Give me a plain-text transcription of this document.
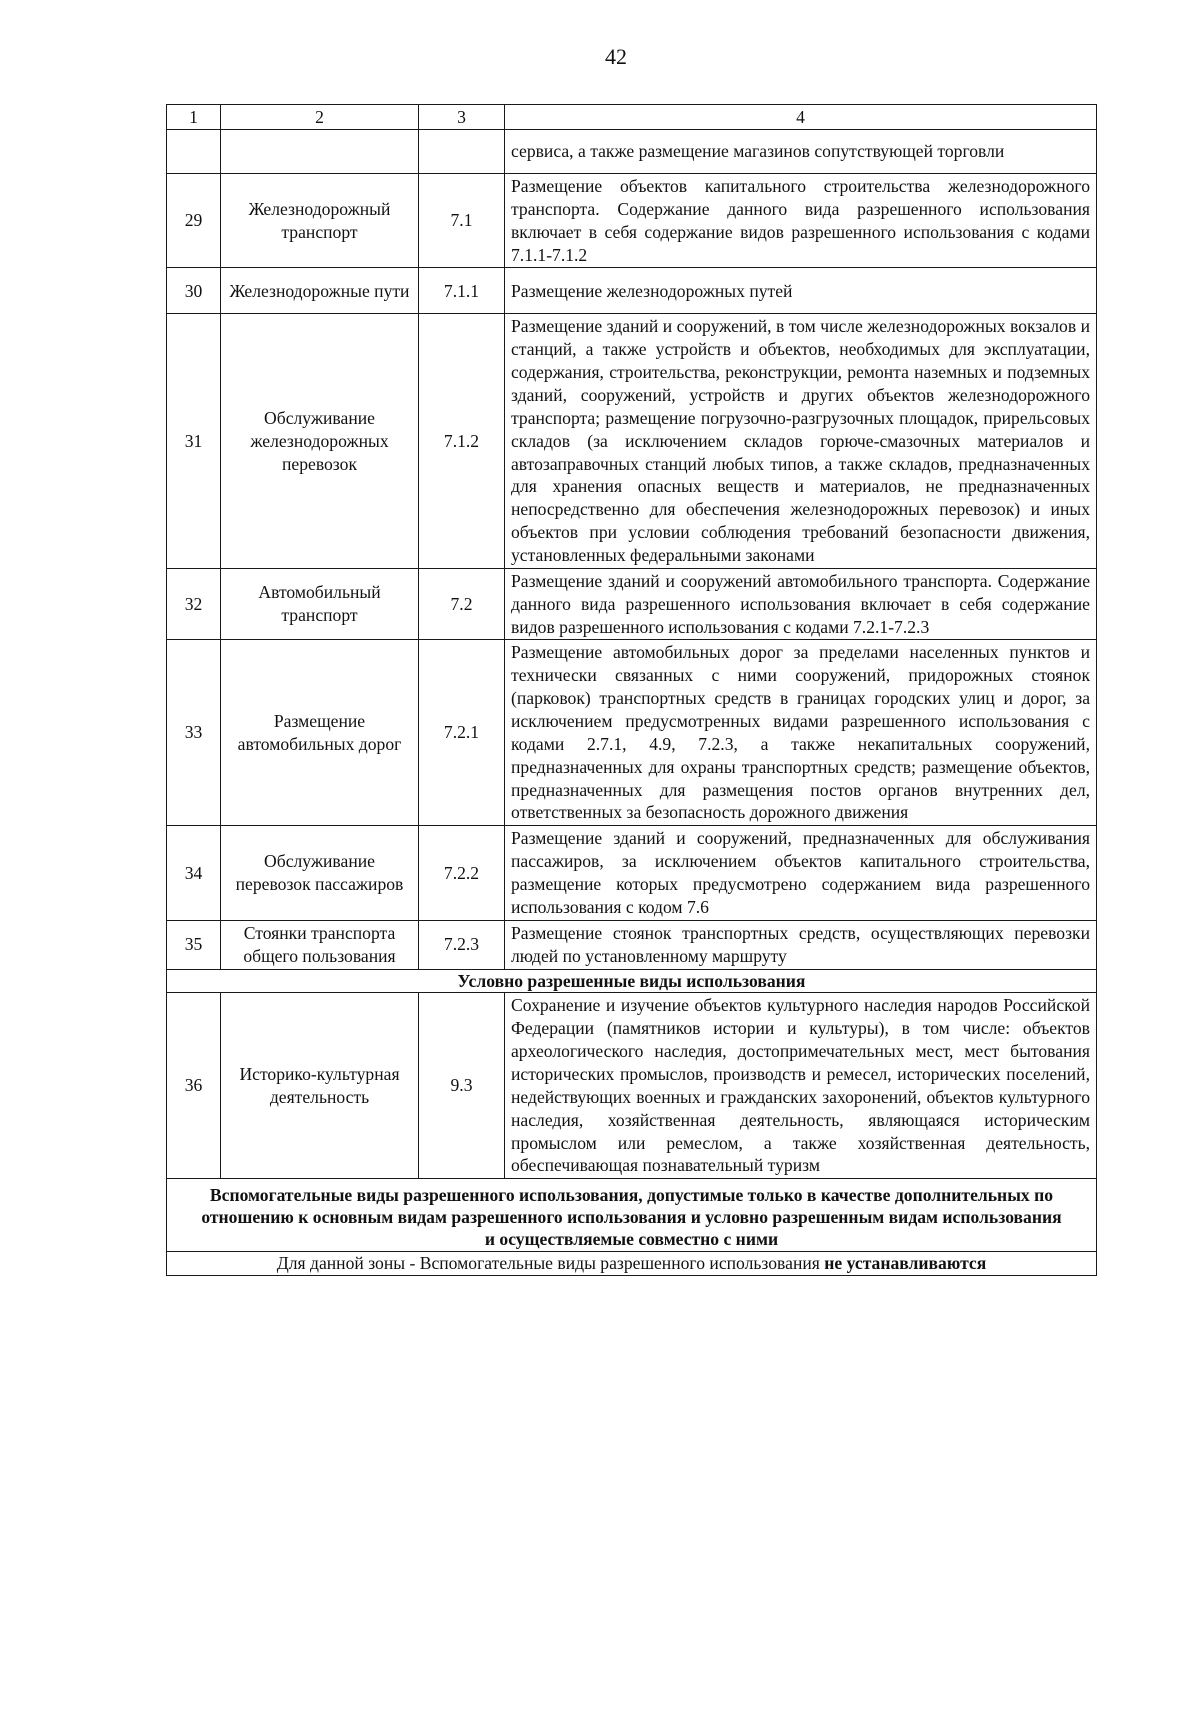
42
1	2	3	4
			сервиса, а также размещение магазинов сопутствующей торговли
29	Железнодорожный транспорт	7.1	Размещение объектов капитального строительства железнодорожного транспорта. Содержание данного вида разрешенного использования включает в себя содержание видов разрешенного использования с кодами 7.1.1-7.1.2
30	Железнодорожные пути	7.1.1	Размещение железнодорожных путей
31	Обслуживание железнодорожных перевозок	7.1.2	Размещение зданий и сооружений, в том числе железнодорожных вокзалов и станций, а также устройств и объектов, необходимых для эксплуатации, содержания, строительства, реконструкции, ремонта наземных и подземных зданий, сооружений, устройств и других объектов железнодорожного транспорта; размещение погрузочно-разгрузочных площадок, прирельсовых складов (за исключением складов горюче-смазочных материалов и автозаправочных станций любых типов, а также складов, предназначенных для хранения опасных веществ и материалов, не предназначенных непосредственно для обеспечения железнодорожных перевозок) и иных объектов при условии соблюдения требований безопасности движения, установленных федеральными законами
32	Автомобильный транспорт	7.2	Размещение зданий и сооружений автомобильного транспорта. Содержание данного вида разрешенного использования включает в себя содержание видов разрешенного использования с кодами 7.2.1-7.2.3
33	Размещение автомобильных дорог	7.2.1	Размещение автомобильных дорог за пределами населенных пунктов и технически связанных с ними сооружений, придорожных стоянок (парковок) транспортных средств в границах городских улиц и дорог, за исключением предусмотренных видами разрешенного использования с кодами 2.7.1, 4.9, 7.2.3, а также некапитальных сооружений, предназначенных для охраны транспортных средств; размещение объектов, предназначенных для размещения постов органов внутренних дел, ответственных за безопасность дорожного движения
34	Обслуживание перевозок пассажиров	7.2.2	Размещение зданий и сооружений, предназначенных для обслуживания пассажиров, за исключением объектов капитального строительства, размещение которых предусмотрено содержанием вида разрешенного использования с кодом 7.6
35	Стоянки транспорта общего пользования	7.2.3	Размещение стоянок транспортных средств, осуществляющих перевозки людей по установленному маршруту
Условно разрешенные виды использования			
36	Историко-культурная деятельность	9.3	Сохранение и изучение объектов культурного наследия народов Российской Федерации (памятников истории и культуры), в том числе: объектов археологического наследия, достопримечательных мест, мест бытования исторических промыслов, производств и ремесел, исторических поселений, недействующих военных и гражданских захоронений, объектов культурного наследия, хозяйственная деятельность, являющаяся историческим промыслом или ремеслом, а также хозяйственная деятельность, обеспечивающая познавательный туризм
Вспомогательные виды разрешенного использования, допустимые только в качестве дополнительных по отношению к основным видам разрешенного использования и условно разрешенным видам использования и осуществляемые совместно с ними			
Для данной зоны - Вспомогательные виды разрешенного использования не устанавливаются			
